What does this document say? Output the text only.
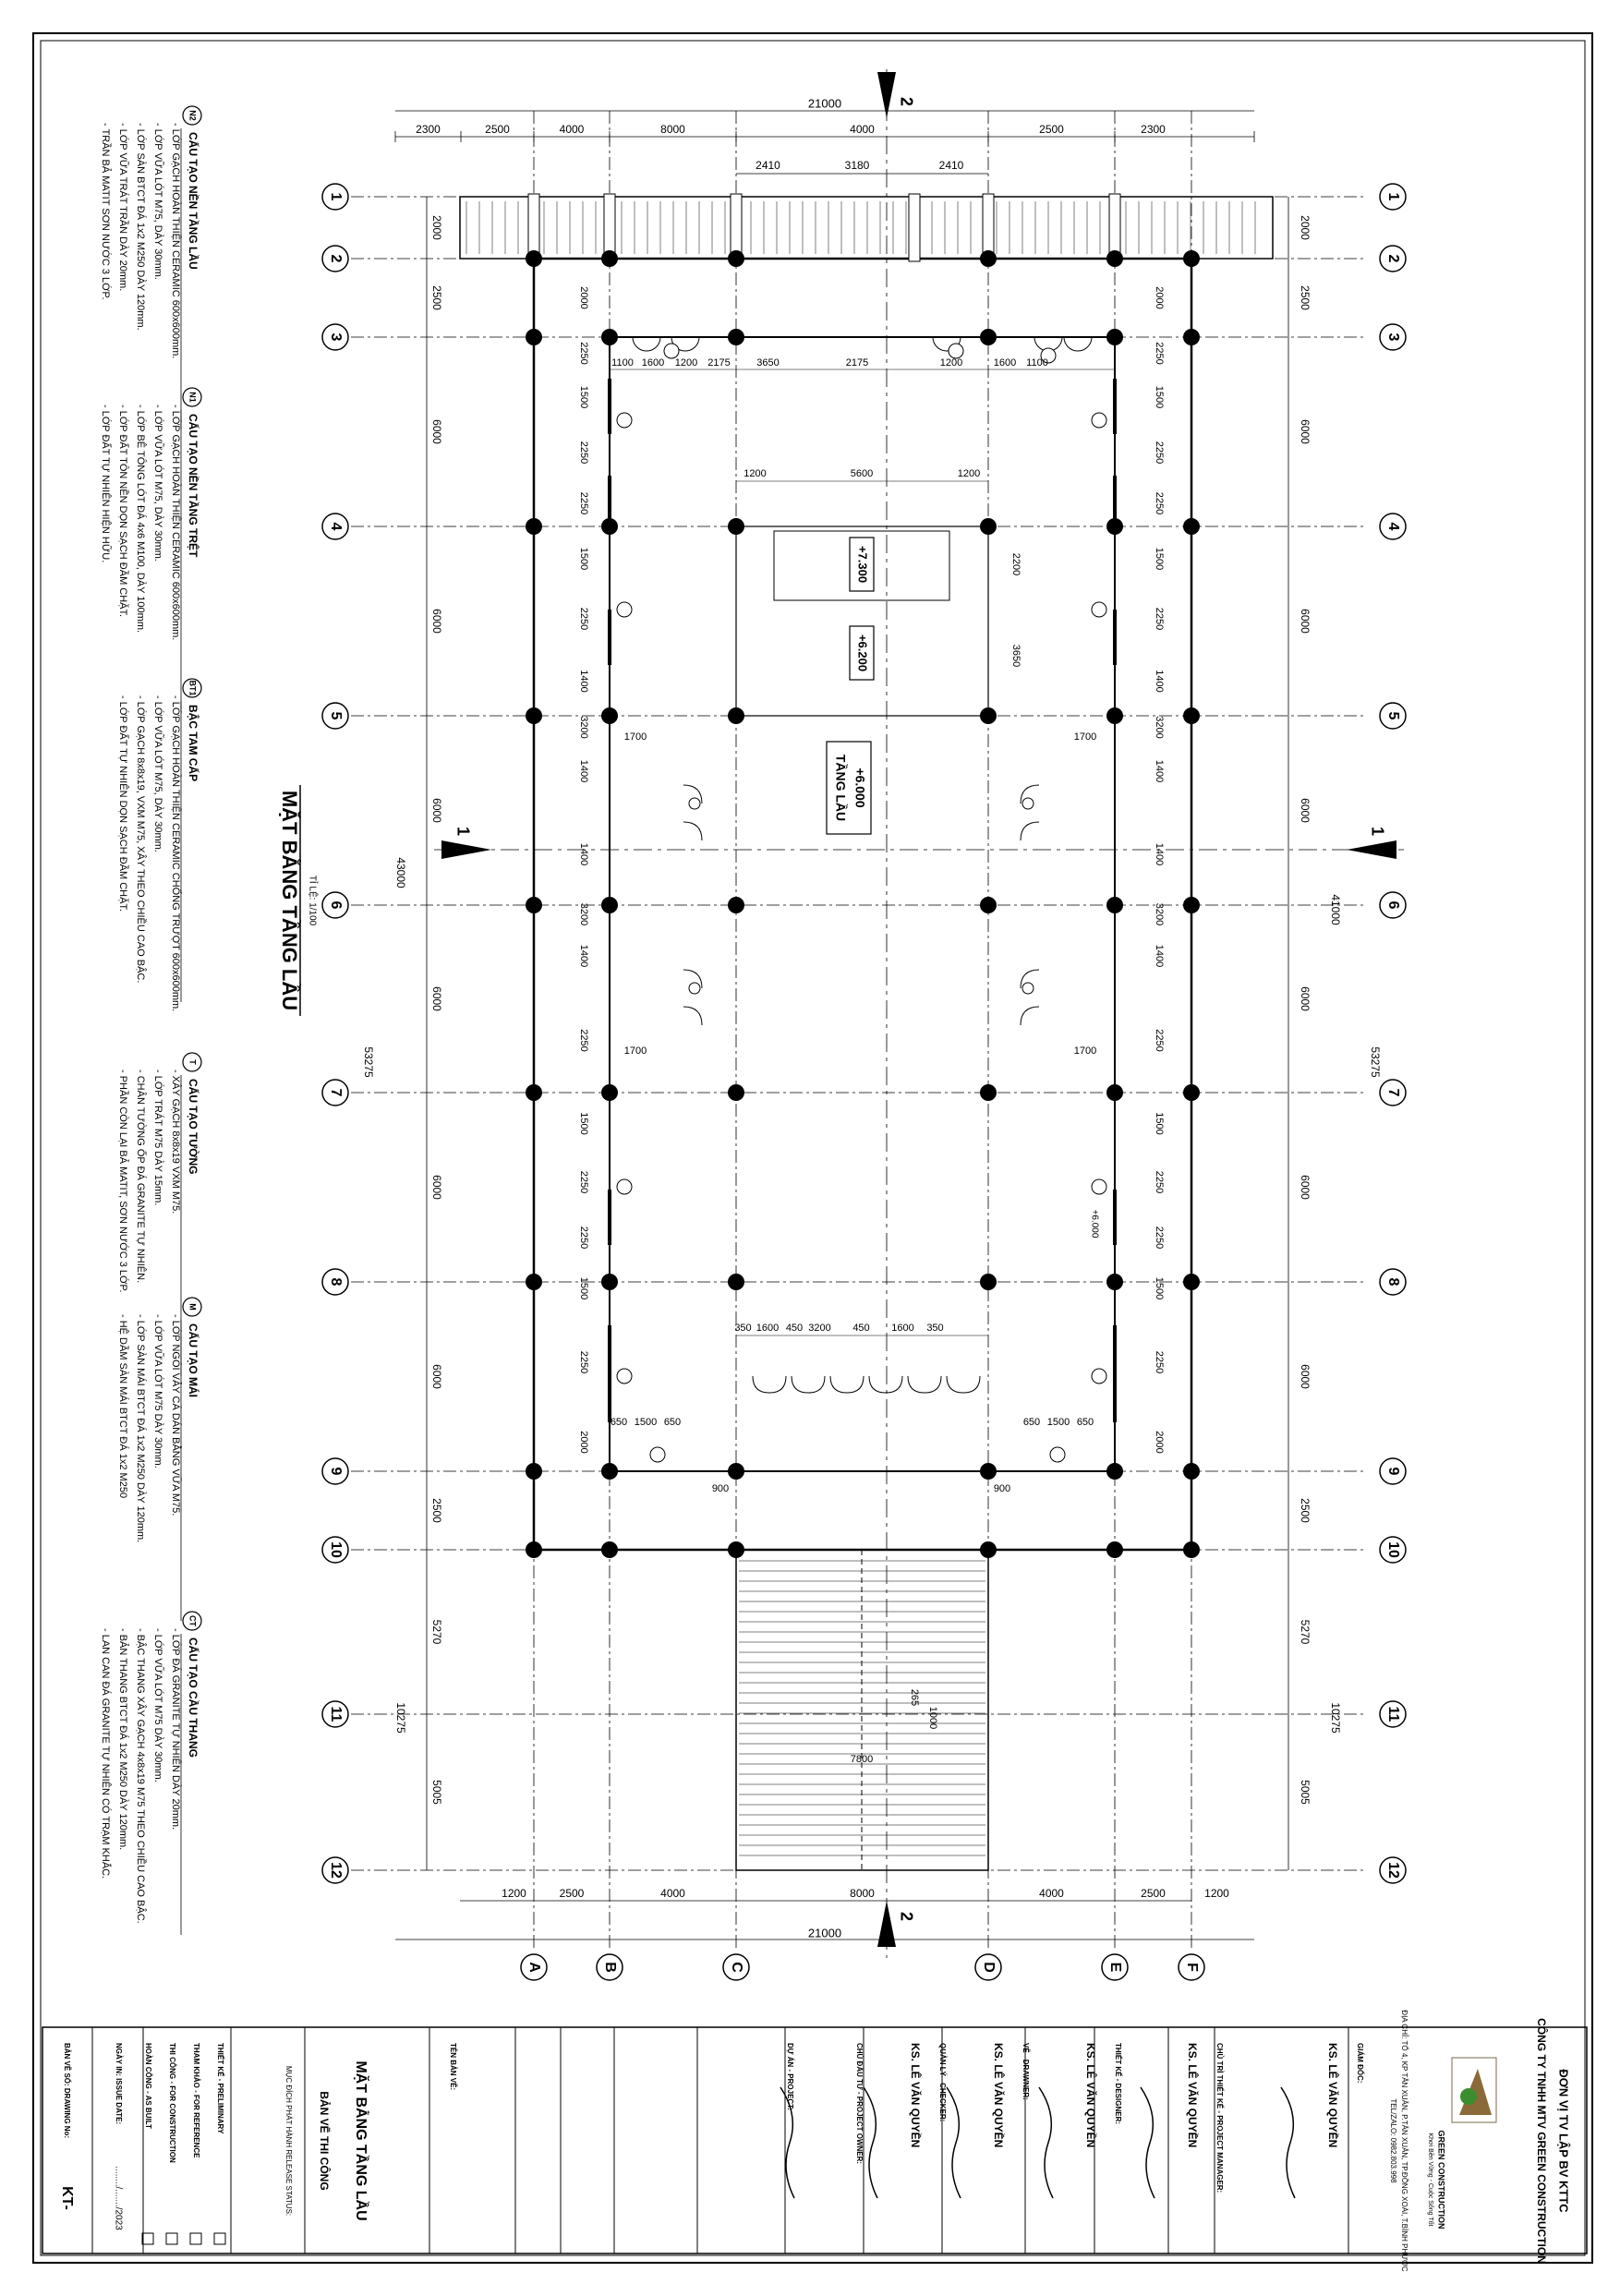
1	1
2	2
3	3
4	4
5	5
6	6
7	7
8	8
9	9
10	10
11	11
12	12
A	B	C	D	E	F
21000
2300	2500	4000	8000	4000	2500	2300
2410	3180	2410
21000
1200	2500	4000	8000	4000	2500	1200
2000
2500
6000
6000
6000
6000
6000
6000
2500
5270
5005
43000
53275
10275
2000
2500
6000
6000
6000
6000
6000
6000
2500
5270
5005
41000
53275
10275
+7.300
+6.200
TẦNG LẦU +6.000
1100 1600 1200 2175	3650	2175	1200	1600 1100
1200	5600	1200
2200
3650
1700
1700
1700
1700
2000	2000
2250	2250
1500	1500
2250	2250
2250	2250
1500	1500
2250	2250
1400	1400
3200	3200
1400	1400
1400	1400
3200	3200
1400	1400
2250	2250
1500	1500
2250	2250
2250	2250
1500	1500
2250	2250
2000	2000
350 1600 450 3200 450 1600 350
650 1500 650	650 1500 650
900	900
7800
1000
265
1	1
2
2
+6.000
MẶT BẰNG TẦNG LẦU TỈ LỆ: 1/100
N2
CẤU TẠO NỀN TẦNG LẦU
- LỚP GẠCH HOÀN THIỆN CERAMIC 600x600mm.
- LỚP VỮA LÓT M75, DÀY 30mm.
- LỚP SÀN BTCT ĐÁ 1x2 M250 DÀY 120mm.
- LỚP VỮA TRÁT TRẦN DÀY 20mm.
- TRẦN BẢ MATIT SƠN NƯỚC 3 LỚP.
N1
CẤU TẠO NỀN TẦNG TRỆT
- LỚP GẠCH HOÀN THIỆN CERAMIC 600x600mm.
- LỚP VỮA LÓT M75, DÀY 30mm.
- LỚP BÊ TÔNG LÓT ĐÁ 4x6 M100, DÀY 100mm.
- LỚP ĐẤT TÔN NỀN DỌN SẠCH ĐẦM CHẶT.
- LỚP ĐẤT TỰ NHIÊN HIỆN HỮU.
BT1
BẬC TAM CẤP
- LỚP GẠCH HOÀN THIỆN CERAMIC CHỐNG TRƯỢT 600x600mm.
- LỚP VỮA LÓT M75, DÀY 30mm.
- LỚP GẠCH 8x8x19, VXM M75, XÂY THEO CHIỀU CAO BẬC.
- LỚP ĐẤT TỰ NHIÊN DỌN SẠCH ĐẦM CHẶT.
T
CẤU TẠO TƯỜNG
- XÂY GẠCH 8x8x19 VXM M75.
- LỚP TRÁT M75 DÀY 15mm.
- CHÂN TƯỜNG ỐP ĐÁ GRANITE TỰ NHIÊN.
- PHẦN CÒN LẠI BẢ MATIT, SƠN NƯỚC 3 LỚP.
M
CẤU TẠO MÁI
- LỚP NGÓI VẢY CÁ DÁN BẰNG VỮA M75.
- LỚP VỮA LÓT M75 DÀY 30mm.
- LỚP SÀN MÁI BTCT ĐÁ 1x2 M250 DÀY 120mm.
- HỆ DẦM SÀN MÁI BTCT ĐÁ 1x2 M250
CT
CẤU TẠO CẦU THANG
- LỚP ĐÁ GRANITE TỰ NHIÊN DÀY 20mm.
- LỚP VỮA LÓT M75 DÀY 30mm.
- BẬC THANG XÂY GẠCH 4x8x19 M75 THEO CHIỀU CAO BẬC.
- BẢN THANG BTCT ĐÁ 1x2 M250 DÀY 120mm.
- LAN CAN ĐÁ GRANITE TỰ NHIÊN CÓ TRẠM KHẮC.
ĐƠN VỊ TV LẬP BV KTTC
CÔNG TY TNHH MTV GREEN CONSTRUCTION
GREEN CONSTRUCTION
Khơi Bền Vững - Cuộc Sống Tốt
ĐỊA CHỈ: TỔ 4, KP TÂN XUÂN, P.TÂN XUÂN, TP.ĐỒNG XOÀI, T.BÌNH PHƯỚC
TEL/ZALO: 0982.803.998
GIÁM ĐỐC:
KS. LÊ VĂN QUYỀN
CHỦ TRÌ THIẾT KẾ - PROJECT MANAGER:
KS. LÊ VĂN QUYỀN
THIẾT KẾ - DESIGNER:
KS. LÊ VĂN QUYỀN
VẼ - DRAWNER:
KS. LÊ VĂN QUYỀN
QUẢN LÝ - CHECKER:
KS. LÊ VĂN QUYỀN
CHỦ ĐẦU TƯ - PROJECT OWNER:
DỰ ÁN - PROJECT:
TÊN BẢN VẼ:
MẶT BẰNG TẦNG LẦU
MỤC ĐÍCH PHÁT HÀNH RELEASE STATUS: BẢN VẼ THI CÔNG
THIẾT KẾ - PRELIMINARY
THAM KHẢO - FOR REFERENCE
THI CÔNG - FOR CONSTRUCTION
HOÀN CÔNG - AS BUILT
NGÀY IN: ISSUE DATE:
......../......./2023
BẢN VẼ SỐ: DRAWING No:
KT-
